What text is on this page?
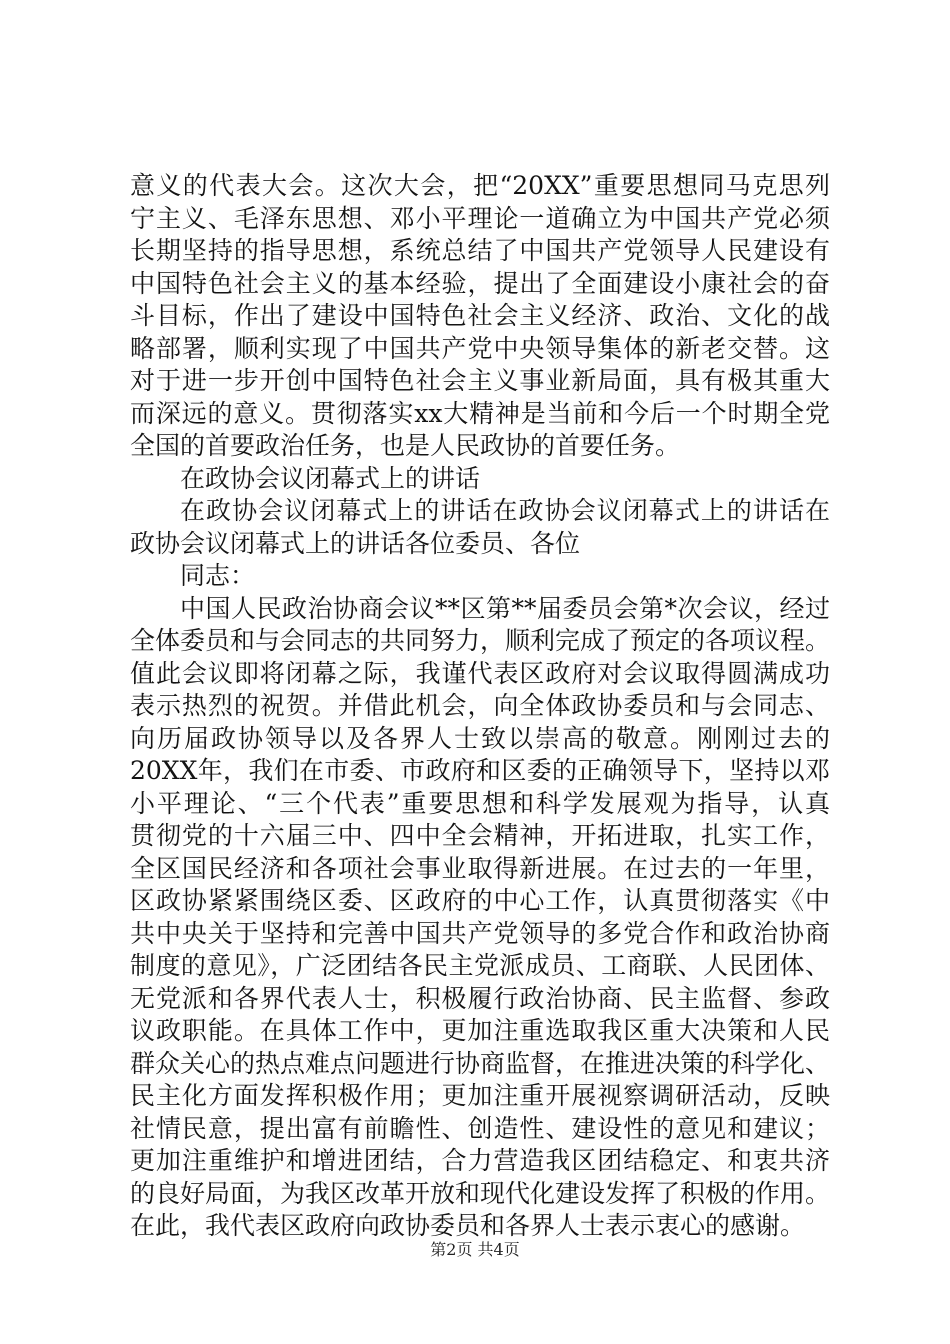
意义的代表大会。这次大会，把“20XX”重要思想同马克思列
宁主义、毛泽东思想、邓小平理论一道确立为中国共产党必须
长期坚持的指导思想，系统总结了中国共产党领导人民建设有
中国特色社会主义的基本经验，提出了全面建设小康社会的奋
斗目标，作出了建设中国特色社会主义经济、政治、文化的战
略部署，顺利实现了中国共产党中央领导集体的新老交替。这
对于进一步开创中国特色社会主义事业新局面，具有极其重大
而深远的意义。贯彻落实xx大精神是当前和今后一个时期全党
全国的首要政治任务，也是人民政协的首要任务。
在政协会议闭幕式上的讲话
在政协会议闭幕式上的讲话在政协会议闭幕式上的讲话在
政协会议闭幕式上的讲话各位委员、各位
同志：
中国人民政治协商会议**区第**届委员会第*次会议，经过
全体委员和与会同志的共同努力，顺利完成了预定的各项议程。
值此会议即将闭幕之际，我谨代表区政府对会议取得圆满成功
表示热烈的祝贺。并借此机会，向全体政协委员和与会同志、
向历届政协领导以及各界人士致以崇高的敬意。刚刚过去的
20XX年，我们在市委、市政府和区委的正确领导下，坚持以邓
小平理论、“三个代表”重要思想和科学发展观为指导，认真
贯彻党的十六届三中、四中全会精神，开拓进取，扎实工作，
全区国民经济和各项社会事业取得新进展。在过去的一年里，
区政协紧紧围绕区委、区政府的中心工作，认真贯彻落实《中
共中央关于坚持和完善中国共产党领导的多党合作和政治协商
制度的意见》，广泛团结各民主党派成员、工商联、人民团体、
无党派和各界代表人士，积极履行政治协商、民主监督、参政
议政职能。在具体工作中，更加注重选取我区重大决策和人民
群众关心的热点难点问题进行协商监督，在推进决策的科学化、
民主化方面发挥积极作用；更加注重开展视察调研活动，反映
社情民意，提出富有前瞻性、创造性、建设性的意见和建议；
更加注重维护和增进团结，合力营造我区团结稳定、和衷共济
的良好局面，为我区改革开放和现代化建设发挥了积极的作用。
在此，我代表区政府向政协委员和各界人士表示衷心的感谢。
第2页 共4页
